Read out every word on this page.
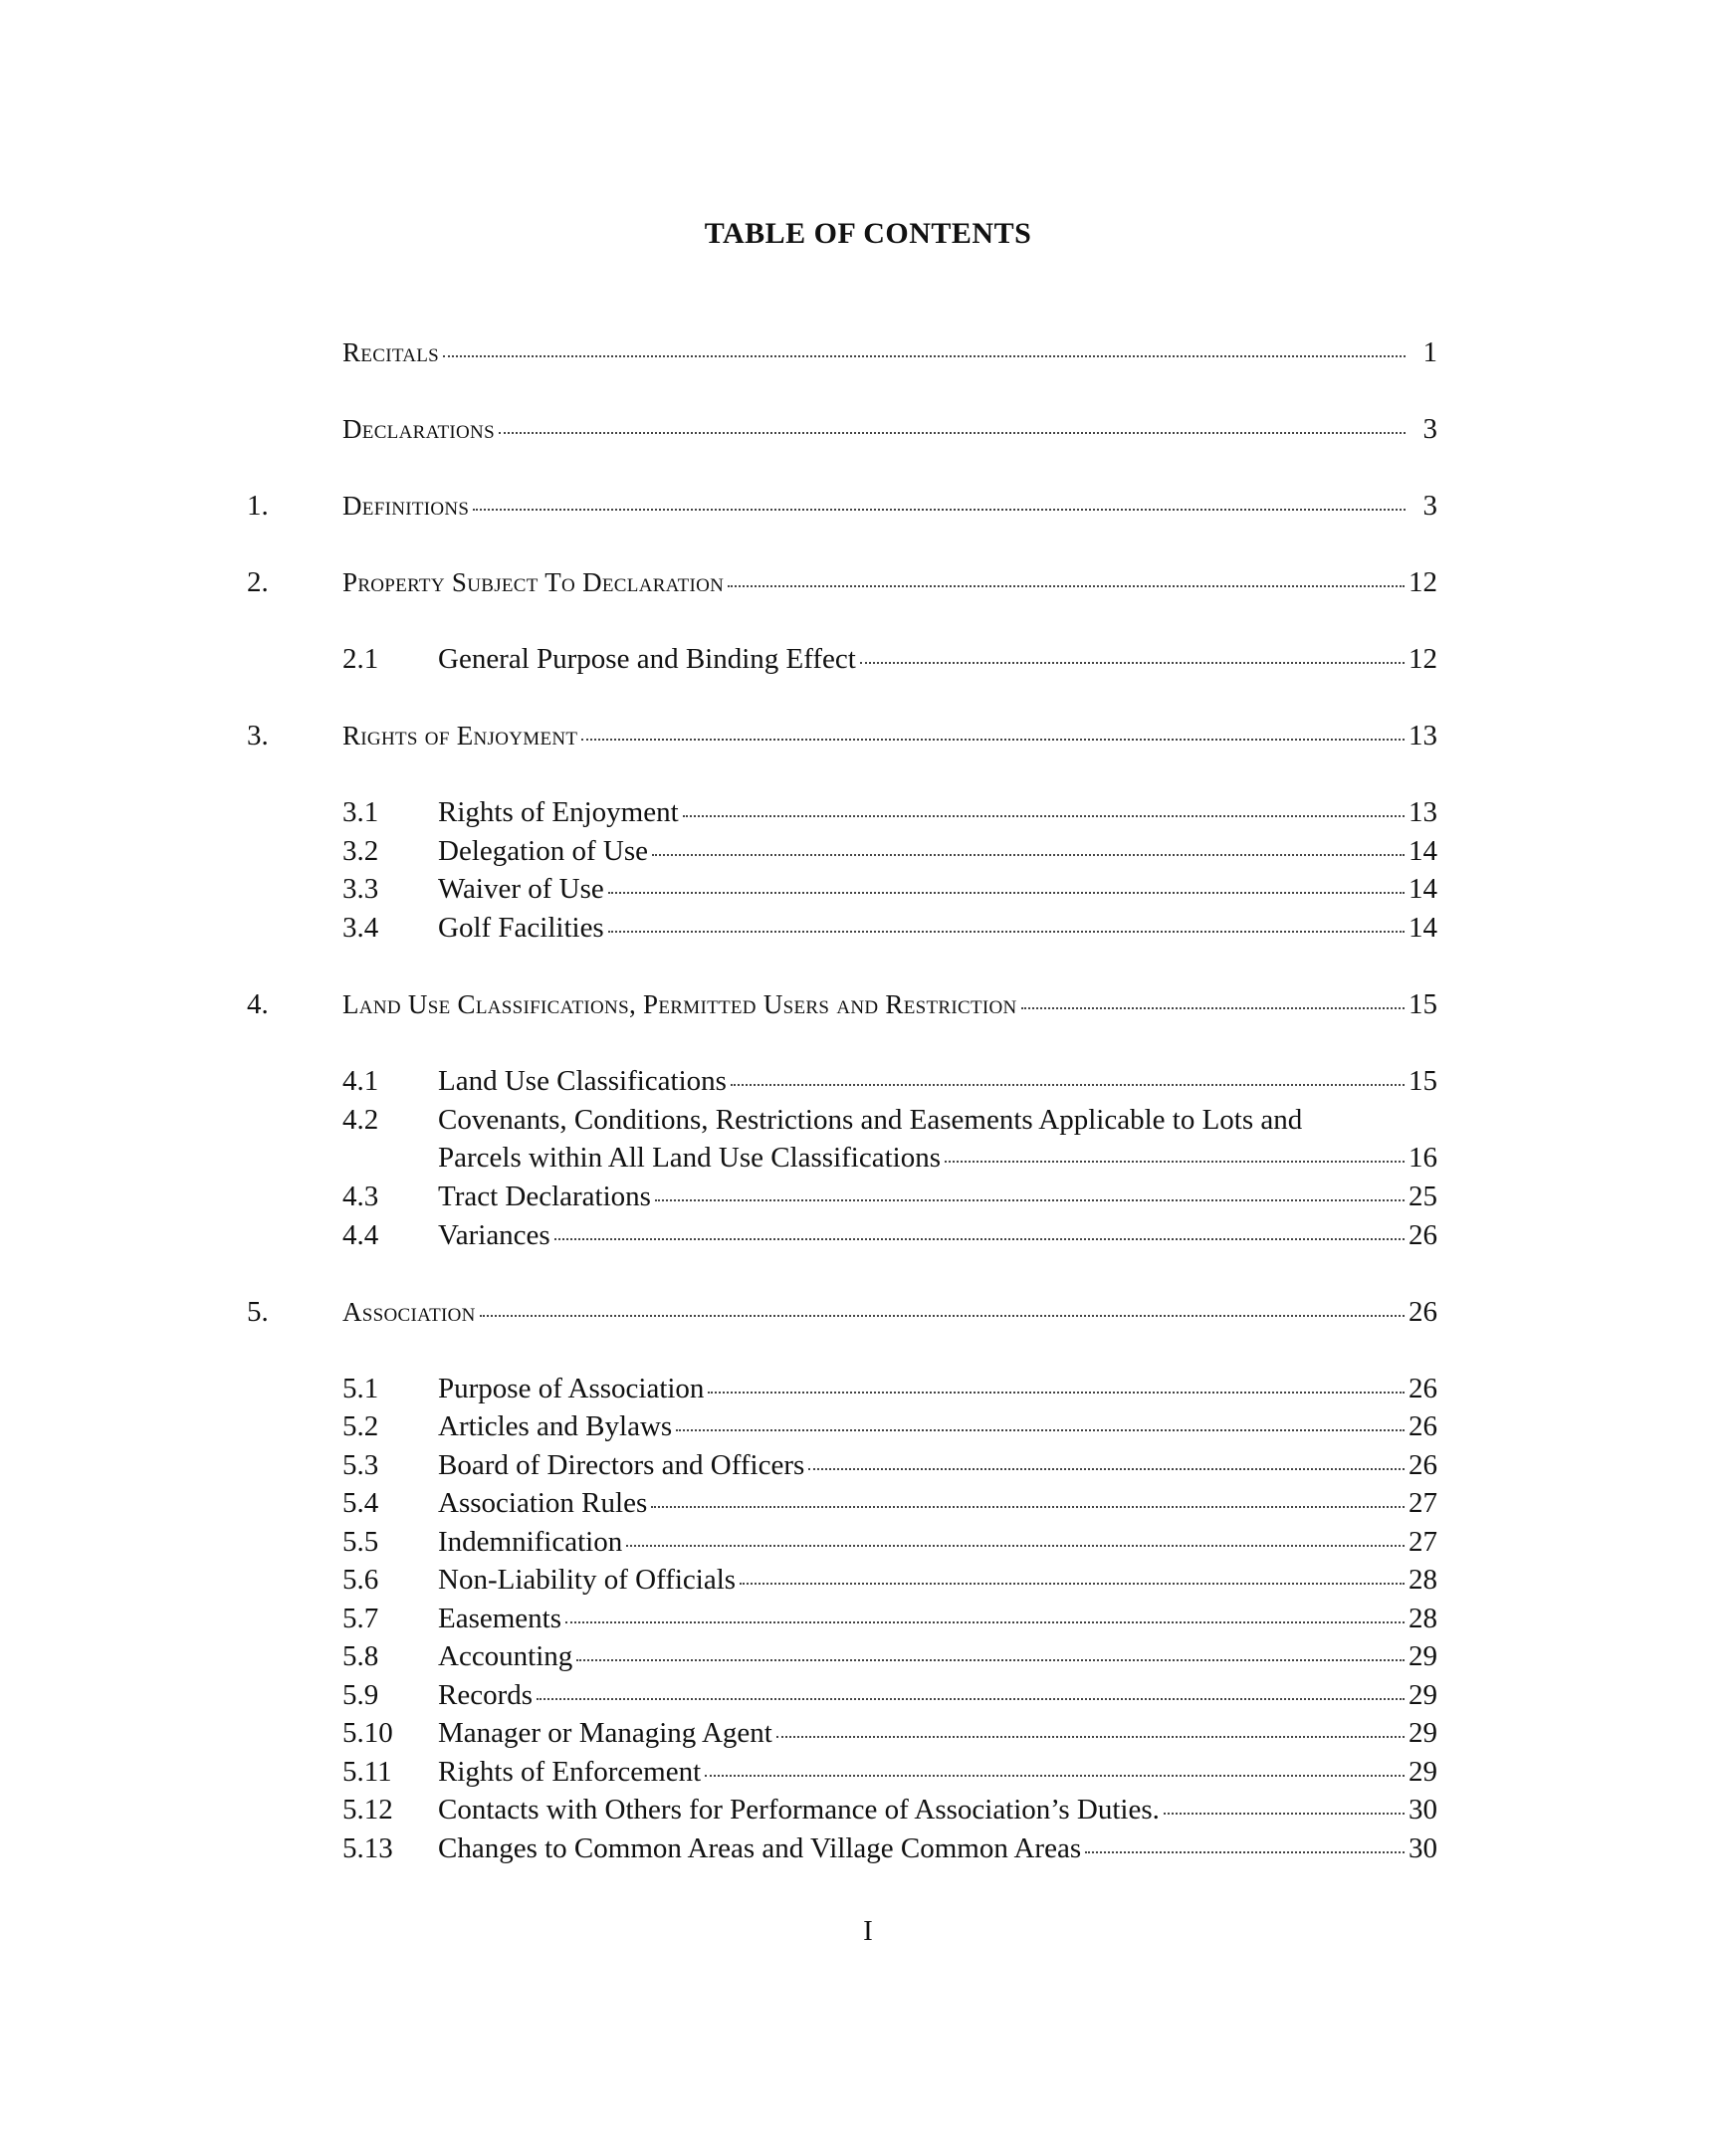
TABLE OF CONTENTS
Recitals	1
Declarations	3
1.	Definitions	3
2.	Property Subject To Declaration	12
2.1 General Purpose and Binding Effect	12
3.	Rights of Enjoyment	13
3.1 Rights of Enjoyment	13
3.2 Delegation of Use	14
3.3 Waiver of Use	14
3.4 Golf Facilities	14
4.	Land Use Classifications, Permitted Users and Restriction	15
4.1 Land Use Classifications	15
4.2 Covenants, Conditions, Restrictions and Easements Applicable to Lots and
Parcels within All Land Use Classifications	16
4.3 Tract Declarations	25
4.4 Variances	26
5.	Association	26
5.1 Purpose of Association	26
5.2 Articles and Bylaws	26
5.3 Board of Directors and Officers	26
5.4 Association Rules	27
5.5 Indemnification	27
5.6 Non-Liability of Officials	28
5.7 Easements	28
5.8 Accounting	29
5.9 Records	29
5.10 Manager or Managing Agent	29
5.11 Rights of Enforcement	29
5.12 Contacts with Others for Performance of Association’s Duties.	30
5.13 Changes to Common Areas and Village Common Areas	30
I
